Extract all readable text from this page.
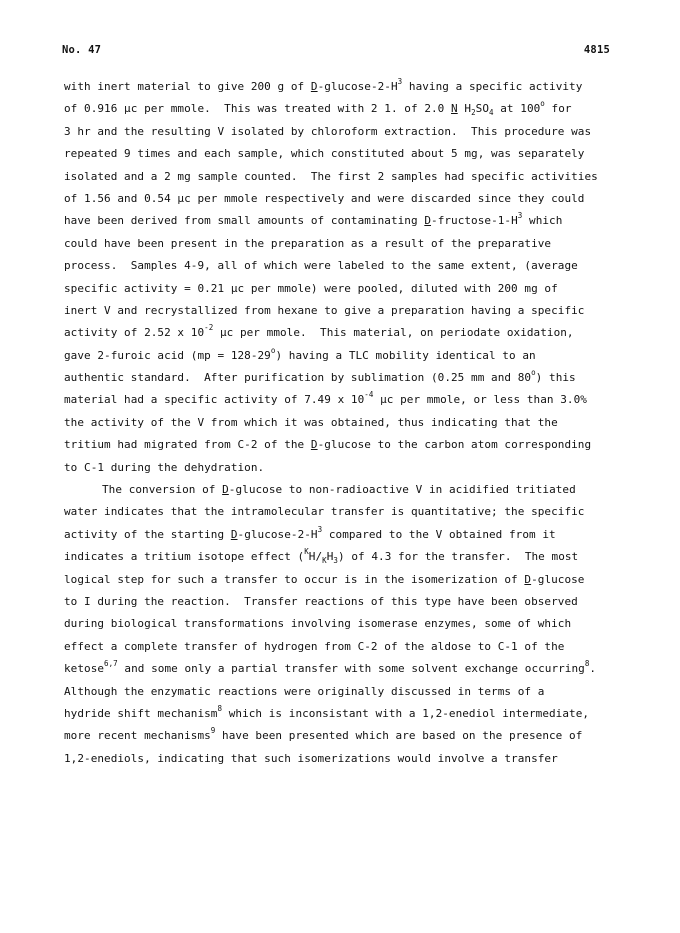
No. 47	4815
with inert material to give 200 g of $D-glucose-2-H^3$ having a specific activity
of 0.916 µc per mmole.  This was treated with 2 1. of 2.0 N $H_2SO_4$ at 100$^o$ for
3 hr and the resulting V isolated by chloroform extraction.  This procedure was
repeated 9 times and each sample, which constituted about 5 mg, was separately
isolated and a 2 mg sample counted.  The first 2 samples had specific activities
of 1.56 and 0.54 µc per mmole respectively and were discarded since they could
have been derived from small amounts of contaminating $D-fructose-1-H^3$ which
could have been present in the preparation as a result of the preparative
process.  Samples 4-9, all of which were labeled to the same extent, (average
specific activity = 0.21 µc per mmole) were pooled, diluted with 200 mg of
inert V and recrystallized from hexane to give a preparation having a specific
activity of 2.52 x $10^{-2}$ µc per mmole.  This material, on periodate oxidation,
gave 2-furoic acid $(mp = 128-29^o)$ having a TLC mobility identical to an
authentic standard.  After purification by sublimation (0.25 mm and 80$^o$) this
material had a specific activity of 7.49 x $10^{-4}$ µc per mmole, or less than 3.0%
the activity of the V from which it was obtained, thus indicating that the
tritium had migrated from C-2 of the D-glucose to the carbon atom corresponding
to C-1 during the dehydration.
The conversion of D-glucose to non-radioactive V in acidified tritiated
water indicates that the intramolecular transfer is quantitative; the specific
activity of the starting $D-glucose-2-H^3$ compared to the V obtained from it
indicates a tritium isotope effect $(^KH/_KH_3)$ of 4.3 for the transfer.  The most
logical step for such a transfer to occur is in the isomerization of D-glucose
to I during the reaction.  Transfer reactions of this type have been observed
during biological transformations involving isomerase enzymes, some of which
effect a complete transfer of hydrogen from C-2 of the aldose to C-1 of the
ketose$^{6,7}$ and some only a partial transfer with some solvent exchange occurring$^8$.
Although the enzymatic reactions were originally discussed in terms of a
hydride shift mechanism$^8$ which is inconsistant with a 1,2-enediol intermediate,
more recent mechanisms$^9$ have been presented which are based on the presence of
1,2-enediols, indicating that such isomerizations would involve a transfer
